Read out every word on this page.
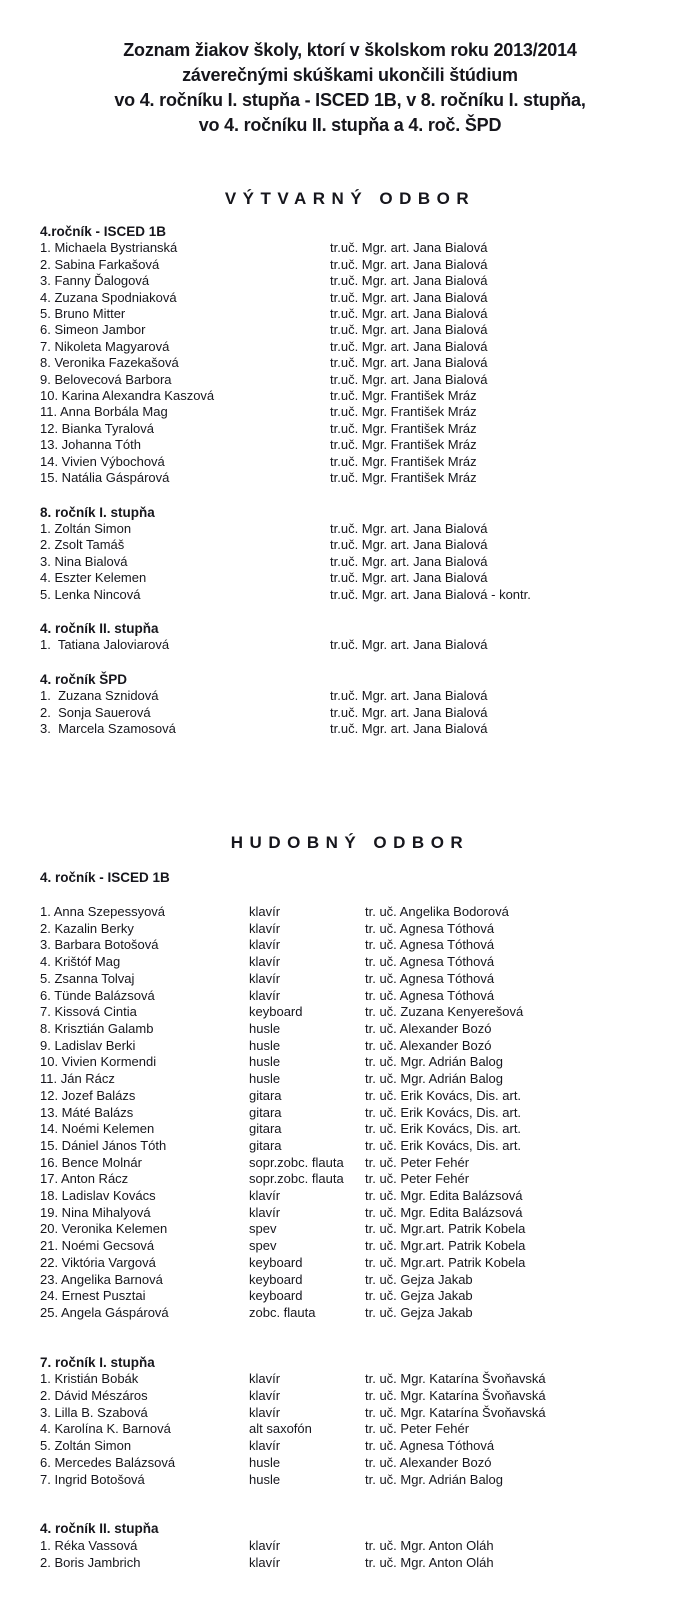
Zoznam žiakov školy, ktorí v školskom roku 2013/2014
záverečnými skúškami ukončili štúdium
vo 4. ročníku I. stupňa - ISCED 1B, v 8. ročníku I. stupňa,
vo 4. ročníku II. stupňa a 4. roč. ŠPD
VÝTVARNÝ ODBOR
4.ročník - ISCED 1B
1. Michaela Bystrianská	tr.uč. Mgr. art. Jana Bialová
2. Sabina Farkašová	tr.uč. Mgr. art. Jana Bialová
3. Fanny Ďalogová	tr.uč. Mgr. art. Jana Bialová
4. Zuzana Spodniaková	tr.uč. Mgr. art. Jana Bialová
5. Bruno Mitter	tr.uč. Mgr. art. Jana Bialová
6. Simeon Jambor	tr.uč. Mgr. art. Jana Bialová
7. Nikoleta Magyarová	tr.uč. Mgr. art. Jana Bialová
8. Veronika Fazekašová	tr.uč. Mgr. art. Jana Bialová
9. Belovecová Barbora	tr.uč. Mgr. art. Jana Bialová
10. Karina Alexandra Kaszová	tr.uč. Mgr. František Mráz
11. Anna Borbála Mag	tr.uč. Mgr. František Mráz
12. Bianka Tyralová	tr.uč. Mgr. František Mráz
13. Johanna Tóth	tr.uč. Mgr. František Mráz
14. Vivien Výbochová	tr.uč. Mgr. František Mráz
15. Natália Gáspárová	tr.uč. Mgr. František Mráz
8. ročník I. stupňa
1. Zoltán Simon	tr.uč. Mgr. art. Jana Bialová
2. Zsolt Tamáš	tr.uč. Mgr. art. Jana Bialová
3. Nina Bialová	tr.uč. Mgr. art. Jana Bialová
4. Eszter Kelemen	tr.uč. Mgr. art. Jana Bialová
5. Lenka Nincová	tr.uč. Mgr. art. Jana Bialová - kontr.
4. ročník II. stupňa
1.  Tatiana Jaloviarová	tr.uč. Mgr. art. Jana Bialová
4. ročník ŠPD
1.  Zuzana Sznidová	tr.uč. Mgr. art. Jana Bialová
2.  Sonja Sauerová	tr.uč. Mgr. art. Jana Bialová
3.  Marcela Szamosová	tr.uč. Mgr. art. Jana Bialová
HUDOBNÝ ODBOR
4. ročník - ISCED 1B
1. Anna Szepessyová	klavír	tr. uč. Angelika Bodorová
2. Kazalin Berky	klavír	tr. uč. Agnesa Tóthová
3. Barbara Botošová	klavír	tr. uč. Agnesa Tóthová
4. Krištóf Mag	klavír	tr. uč. Agnesa Tóthová
5. Zsanna Tolvaj	klavír	tr. uč. Agnesa Tóthová
6. Tünde Balázsová	klavír	tr. uč. Agnesa Tóthová
7. Kissová Cintia	keyboard	tr. uč. Zuzana Kenyerešová
8. Krisztián Galamb	husle	tr. uč. Alexander Bozó
9. Ladislav Berki	husle	tr. uč. Alexander Bozó
10. Vivien Kormendi	husle	tr. uč. Mgr. Adrián Balog
11. Ján Rácz	husle	tr. uč. Mgr. Adrián Balog
12. Jozef Balázs	gitara	tr. uč. Erik Kovács, Dis. art.
13. Máté Balázs	gitara	tr. uč. Erik Kovács, Dis. art.
14. Noémi Kelemen	gitara	tr. uč. Erik Kovács, Dis. art.
15. Dániel János Tóth	gitara	tr. uč. Erik Kovács, Dis. art.
16. Bence Molnár	sopr.zobc. flauta	tr. uč. Peter Fehér
17. Anton Rácz	sopr.zobc. flauta	tr. uč. Peter Fehér
18. Ladislav Kovács	klavír	tr. uč. Mgr. Edita Balázsová
19. Nina Mihalyová	klavír	tr. uč. Mgr. Edita Balázsová
20. Veronika Kelemen	spev	tr. uč. Mgr.art. Patrik Kobela
21. Noémi Gecsová	spev	tr. uč. Mgr.art. Patrik Kobela
22. Viktória Vargová	keyboard	tr. uč. Mgr.art. Patrik Kobela
23. Angelika Barnová	keyboard	tr. uč. Gejza Jakab
24. Ernest Pusztai	keyboard	tr. uč. Gejza Jakab
25. Angela Gáspárová	zobc. flauta	tr. uč. Gejza Jakab
7. ročník I. stupňa
1. Kristián Bobák	klavír	tr. uč. Mgr. Katarína Švoňavská
2. Dávid Mészáros	klavír	tr. uč. Mgr. Katarína Švoňavská
3. Lilla B. Szabová	klavír	tr. uč. Mgr. Katarína Švoňavská
4. Karolína K. Barnová	alt saxofón	tr. uč. Peter Fehér
5. Zoltán Simon	klavír	tr. uč. Agnesa Tóthová
6. Mercedes Balázsová	husle	tr. uč. Alexander Bozó
7. Ingrid Botošová	husle	tr. uč. Mgr. Adrián Balog
4. ročník II. stupňa
1. Réka Vassová	klavír	tr. uč. Mgr. Anton Oláh
2. Boris Jambrich	klavír	tr. uč. Mgr. Anton Oláh
